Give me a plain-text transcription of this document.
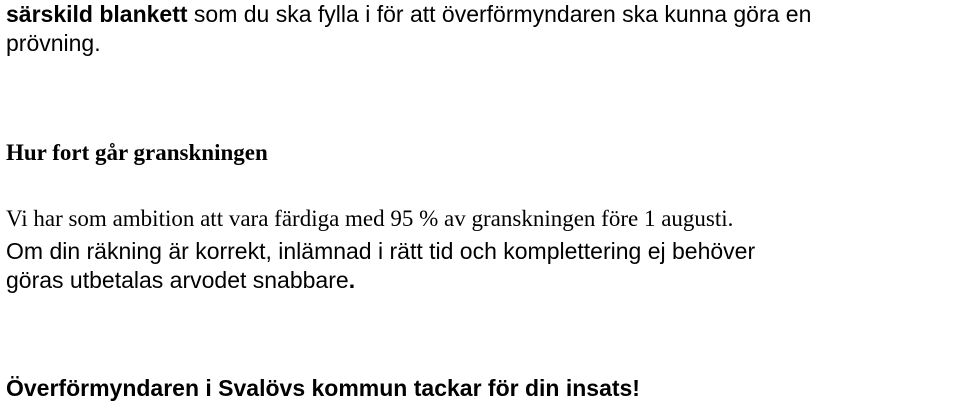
särskild blankett som du ska fylla i för att överförmyndaren ska kunna göra en
prövning.
Hur fort går granskningen
Vi har som ambition att vara färdiga med 95 % av granskningen före 1 augusti.
Om din räkning är korrekt, inlämnad i rätt tid och komplettering ej behöver
göras utbetalas arvodet snabbare.
Överförmyndaren i Svalövs kommun tackar för din insats!
